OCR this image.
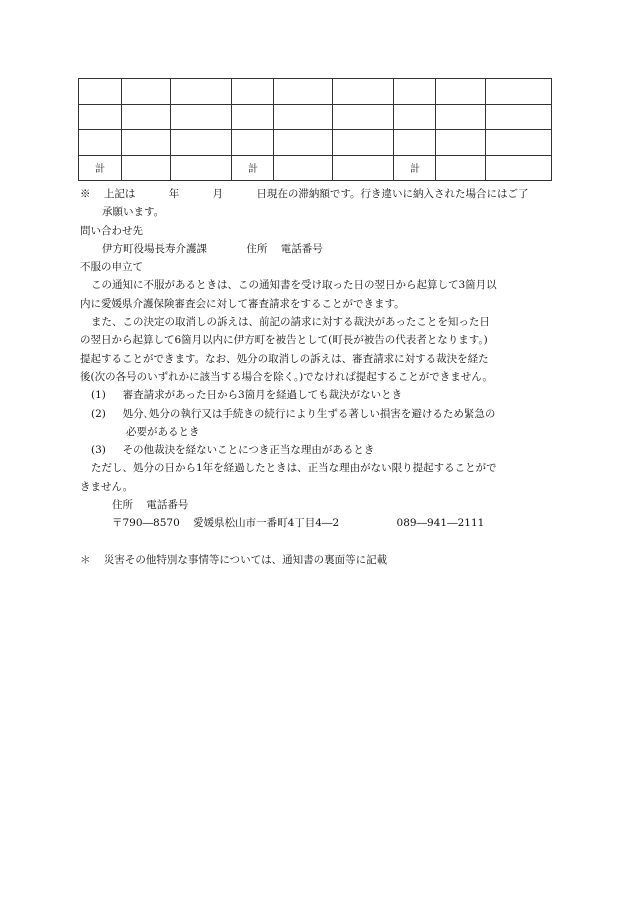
計			計			計		
※ 上記は	年	月	日現在の滞納額です。行き違いに納入された場合にはご了
承願います。
問い合わせ先
伊方町役場長寿介護課	住所 電話番号
不服の申立て
この通知に不服があるときは、この通知書を受け取った日の翌日から起算して3箇月以
内に愛媛県介護保険審査会に対して審査請求をすることができます。
また、この決定の取消しの訴えは、前記の請求に対する裁決があったことを知った日
の翌日から起算して6箇月以内に伊方町を被告として(町長が被告の代表者となります。)
提起することができます。なお、処分の取消しの訴えは、審査請求に対する裁決を経た
後(次の各号のいずれかに該当する場合を除く。)でなければ提起することができません。
(1) 審査請求があった日から3箇月を経過しても裁決がないとき
(2) 処分､処分の執行又は手続きの続行により生ずる著しい損害を避けるため緊急の
必要があるとき
(3) その他裁決を経ないことにつき正当な理由があるとき
ただし、処分の日から1年を経過したときは、正当な理由がない限り提起することがで
きません。
住所 電話番号
〒790―8570 愛媛県松山市一番町4丁目4―2	089―941―2111
＊ 災害その他特別な事情等については、通知書の裏面等に記載
